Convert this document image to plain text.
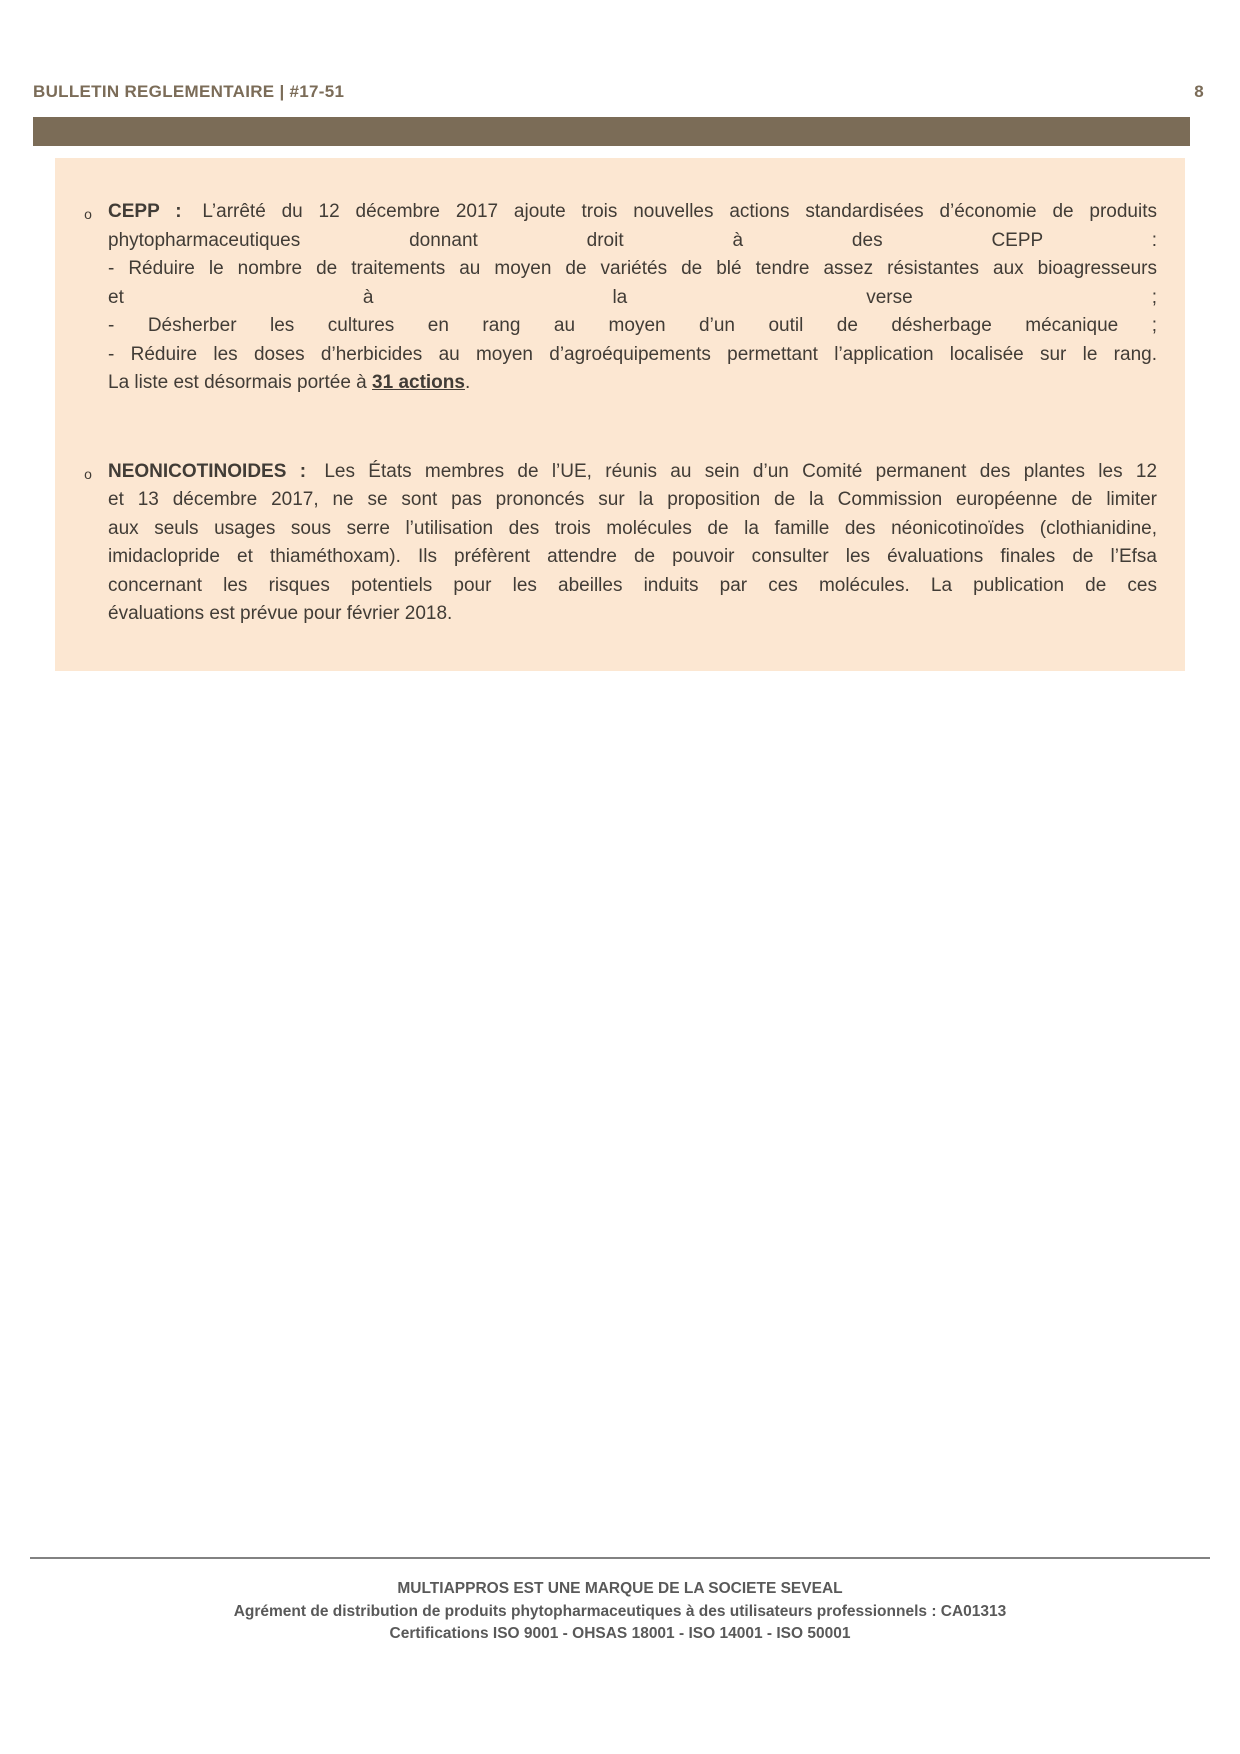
BULLETIN REGLEMENTAIRE | #17-51	8
o CEPP : L’arrêté du 12 décembre 2017 ajoute trois nouvelles actions standardisées d’économie de produits
phytopharmaceutiques donnant droit à des CEPP :
- Réduire le nombre de traitements au moyen de variétés de blé tendre assez résistantes aux bioagresseurs
et à la verse ;
- Désherber les cultures en rang au moyen d’un outil de désherbage mécanique ;
- Réduire les doses d’herbicides au moyen d’agroéquipements permettant l’application localisée sur le rang.
La liste est désormais portée à 31 actions.
o NEONICOTINOIDES : Les États membres de l’UE, réunis au sein d’un Comité permanent des plantes les 12
et 13 décembre 2017, ne se sont pas prononcés sur la proposition de la Commission européenne de limiter
aux seuls usages sous serre l’utilisation des trois molécules de la famille des néonicotinoïdes (clothianidine,
imidaclopride et thiaméthoxam). Ils préfèrent attendre de pouvoir consulter les évaluations finales de l’Efsa
concernant les risques potentiels pour les abeilles induits par ces molécules. La publication de ces
évaluations est prévue pour février 2018.
MULTIAPPROS EST UNE MARQUE DE LA SOCIETE SEVEAL
Agrément de distribution de produits phytopharmaceutiques à des utilisateurs professionnels : CA01313
Certifications ISO 9001 - OHSAS 18001 - ISO 14001 - ISO 50001
